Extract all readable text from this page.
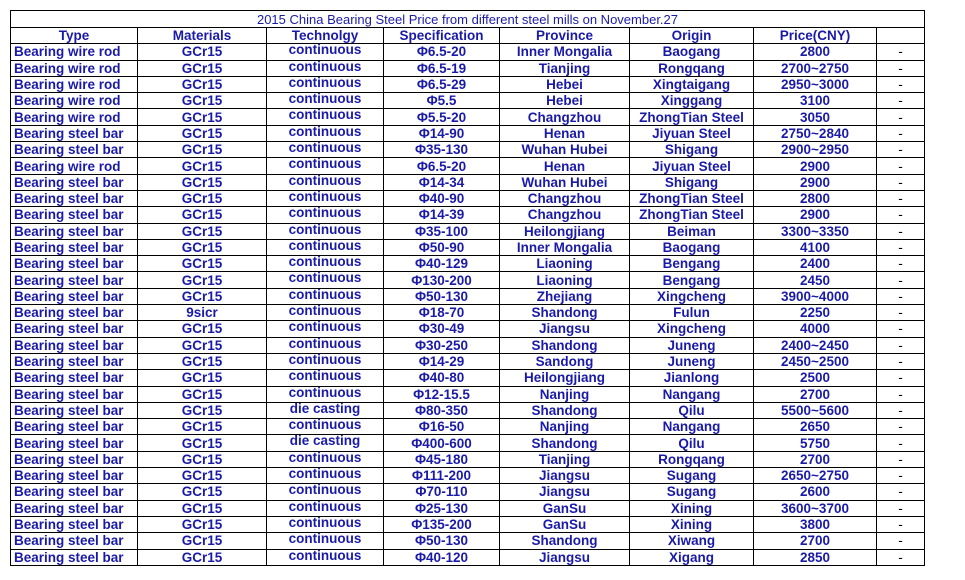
2015 China Bearing Steel Price from different steel mills on November.27							
Type	Materials	Technolgy	Specification	Province	Origin	Price(CNY)	
Bearing wire rod	GCr15	continuous	Φ6.5-20	Inner Mongalia	Baogang	2800	-
Bearing wire rod	GCr15	continuous	Φ6.5-19	Tianjing	Rongqang	2700~2750	-
Bearing wire rod	GCr15	continuous	Φ6.5-29	Hebei	Xingtaigang	2950~3000	-
Bearing wire rod	GCr15	continuous	Φ5.5	Hebei	Xinggang	3100	-
Bearing wire rod	GCr15	continuous	Φ5.5-20	Changzhou	ZhongTian Steel	3050	-
Bearing steel bar	GCr15	continuous	Φ14-90	Henan	Jiyuan Steel	2750~2840	-
Bearing steel bar	GCr15	continuous	Φ35-130	Wuhan Hubei	Shigang	2900~2950	-
Bearing wire rod	GCr15	continuous	Φ6.5-20	Henan	Jiyuan Steel	2900	-
Bearing steel bar	GCr15	continuous	Φ14-34	Wuhan Hubei	Shigang	2900	-
Bearing steel bar	GCr15	continuous	Φ40-90	Changzhou	ZhongTian Steel	2800	-
Bearing steel bar	GCr15	continuous	Φ14-39	Changzhou	ZhongTian Steel	2900	-
Bearing steel bar	GCr15	continuous	Φ35-100	Heilongjiang	Beiman	3300~3350	-
Bearing steel bar	GCr15	continuous	Φ50-90	Inner Mongalia	Baogang	4100	-
Bearing steel bar	GCr15	continuous	Φ40-129	Liaoning	Bengang	2400	-
Bearing steel bar	GCr15	continuous	Φ130-200	Liaoning	Bengang	2450	-
Bearing steel bar	GCr15	continuous	Φ50-130	Zhejiang	Xingcheng	3900~4000	-
Bearing steel bar	9sicr	continuous	Φ18-70	Shandong	Fulun	2250	-
Bearing steel bar	GCr15	continuous	Φ30-49	Jiangsu	Xingcheng	4000	-
Bearing steel bar	GCr15	continuous	Φ30-250	Shandong	Juneng	2400~2450	-
Bearing steel bar	GCr15	continuous	Φ14-29	Sandong	Juneng	2450~2500	-
Bearing steel bar	GCr15	continuous	Φ40-80	Heilongjiang	Jianlong	2500	-
Bearing steel bar	GCr15	continuous	Φ12-15.5	Nanjing	Nangang	2700	-
Bearing steel bar	GCr15	die casting	Φ80-350	Shandong	Qilu	5500~5600	-
Bearing steel bar	GCr15	continuous	Φ16-50	Nanjing	Nangang	2650	-
Bearing steel bar	GCr15	die casting	Φ400-600	Shandong	Qilu	5750	-
Bearing steel bar	GCr15	continuous	Φ45-180	Tianjing	Rongqang	2700	-
Bearing steel bar	GCr15	continuous	Φ111-200	Jiangsu	Sugang	2650~2750	-
Bearing steel bar	GCr15	continuous	Φ70-110	Jiangsu	Sugang	2600	-
Bearing steel bar	GCr15	continuous	Φ25-130	GanSu	Xining	3600~3700	-
Bearing steel bar	GCr15	continuous	Φ135-200	GanSu	Xining	3800	-
Bearing steel bar	GCr15	continuous	Φ50-130	Shandong	Xiwang	2700	-
Bearing steel bar	GCr15	continuous	Φ40-120	Jiangsu	Xigang	2850	-
